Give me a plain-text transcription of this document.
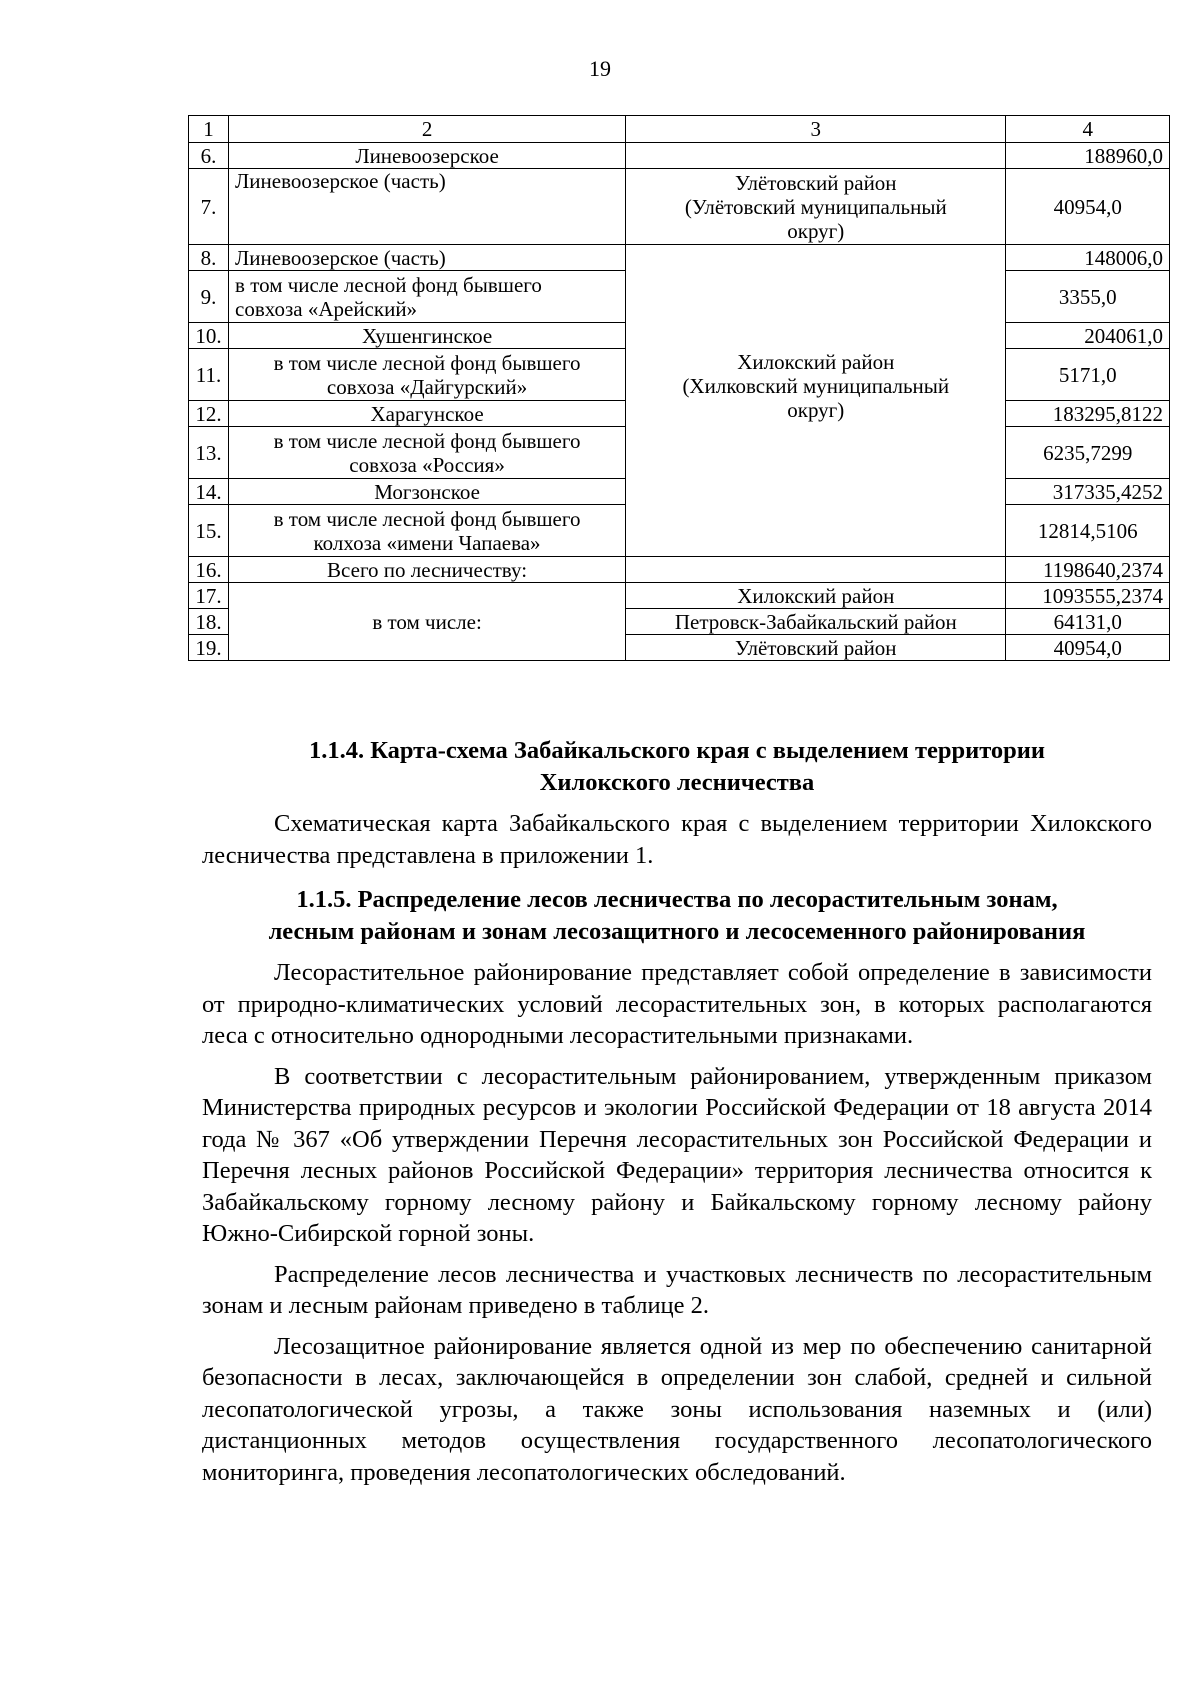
19
1	2	3	4
6.	Линевоозерское		188960,0
7.	Линевоозерское (часть)	Улётовский район
(Улётовский муниципальный
округ)	40954,0
8.	Линевоозерское (часть)	Хилокский район
(Хилковский муниципальный
округ)	148006,0
9.	в том числе лесной фонд бывшего
совхоза «Арейский»		3355,0
10.	Хушенгинское		204061,0
11.	в том числе лесной фонд бывшего
совхоза «Дайгурский»		5171,0
12.	Харагунское		183295,8122
13.	в том числе лесной фонд бывшего
совхоза «Россия»		6235,7299
14.	Могзонское		317335,4252
15.	в том числе лесной фонд бывшего
колхоза «имени Чапаева»		12814,5106
16.	Всего по лесничеству:		1198640,2374
17.	в том числе:	Хилокский район	1093555,2374
18.		Петровск-Забайкальский район	64131,0
19.		Улётовский район	40954,0
1.1.4. Карта-схема Забайкальского края с выделением территории
Хилокского лесничества

Схематическая карта Забайкальского края с выделением территории Хилокского лесничества представлена в приложении 1.

1.1.5. Распределение лесов лесничества по лесорастительным зонам,
лесным районам и зонам лесозащитного и лесосеменного районирования

Лесорастительное районирование представляет собой определение в зависимости от природно-климатических условий лесорастительных зон, в которых располагаются леса с относительно однородными лесорастительными признаками.

В соответствии с лесорастительным районированием, утвержденным приказом Министерства природных ресурсов и экологии Российской Федерации от 18 августа 2014 года № 367 «Об утверждении Перечня лесорастительных зон Российской Федерации и Перечня лесных районов Российской Федерации» территория лесничества относится к Забайкальскому горному лесному району и Байкальскому горному лесному району Южно-Сибирской горной зоны.

Распределение лесов лесничества и участковых лесничеств по лесорастительным зонам и лесным районам приведено в таблице 2.

Лесозащитное районирование является одной из мер по обеспечению санитарной безопасности в лесах, заключающейся в определении зон слабой, средней и сильной лесопатологической угрозы, а также зоны использования наземных и (или) дистанционных методов осуществления государственного лесопатологического мониторинга, проведения лесопатологических обследований.
